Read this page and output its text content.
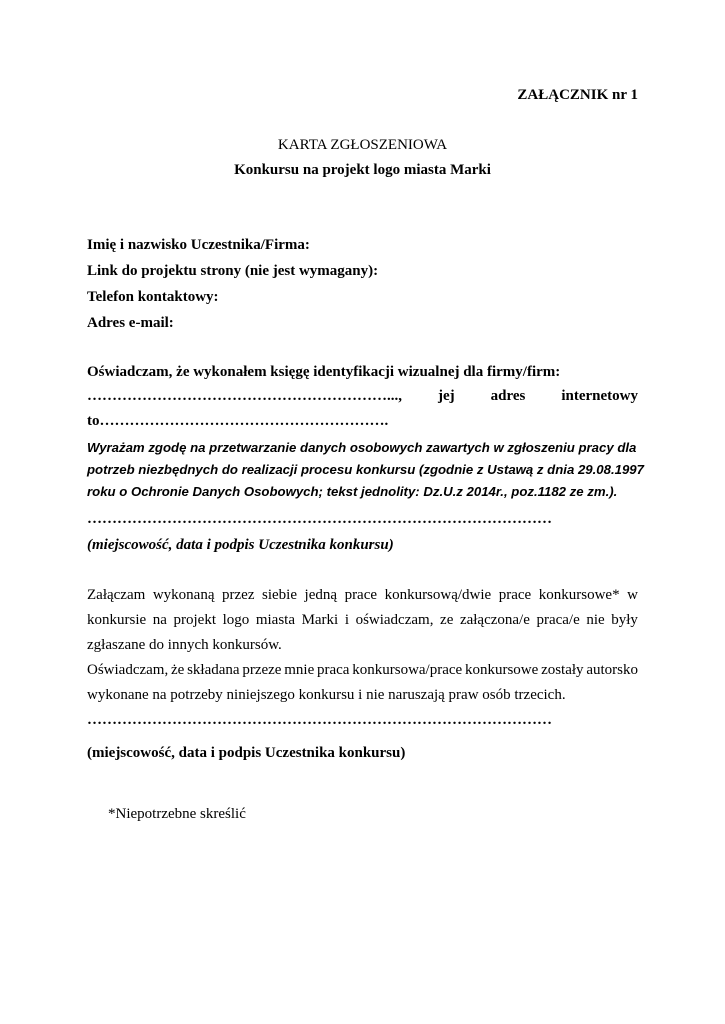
ZAŁĄCZNIK nr 1
KARTA ZGŁOSZENIOWA
Konkursu na projekt logo miasta Marki
Imię i nazwisko Uczestnika/Firma:
Link do projektu strony (nie jest wymagany):
Telefon kontaktowy:
Adres e-mail:
Oświadczam, że wykonałem księgę identyfikacji wizualnej dla firmy/firm:
……………………………………………………..., jej adres internetowy
to………………………………………………….
Wyrażam zgodę na przetwarzanie danych osobowych zawartych w zgłoszeniu pracy dla
potrzeb niezbędnych do realizacji procesu konkursu (zgodnie z Ustawą z dnia 29.08.1997
roku o Ochronie Danych Osobowych; tekst jednolity: Dz.U.z 2014r., poz.1182 ze zm.).
…………………………………………………………………………………
(miejscowość, data i podpis Uczestnika konkursu)
Załączam wykonaną przez siebie jedną prace konkursową/dwie prace konkursowe* w
konkursie na projekt logo miasta Marki i oświadczam, ze załączona/e praca/e nie były
zgłaszane do innych konkursów.
Oświadczam, że składana przeze mnie praca konkursowa/prace konkursowe zostały autorsko
wykonane na potrzeby niniejszego konkursu i nie naruszają praw osób trzecich.
…………………………………………………………………………………
(miejscowość, data i podpis Uczestnika konkursu)
*Niepotrzebne skreślić
